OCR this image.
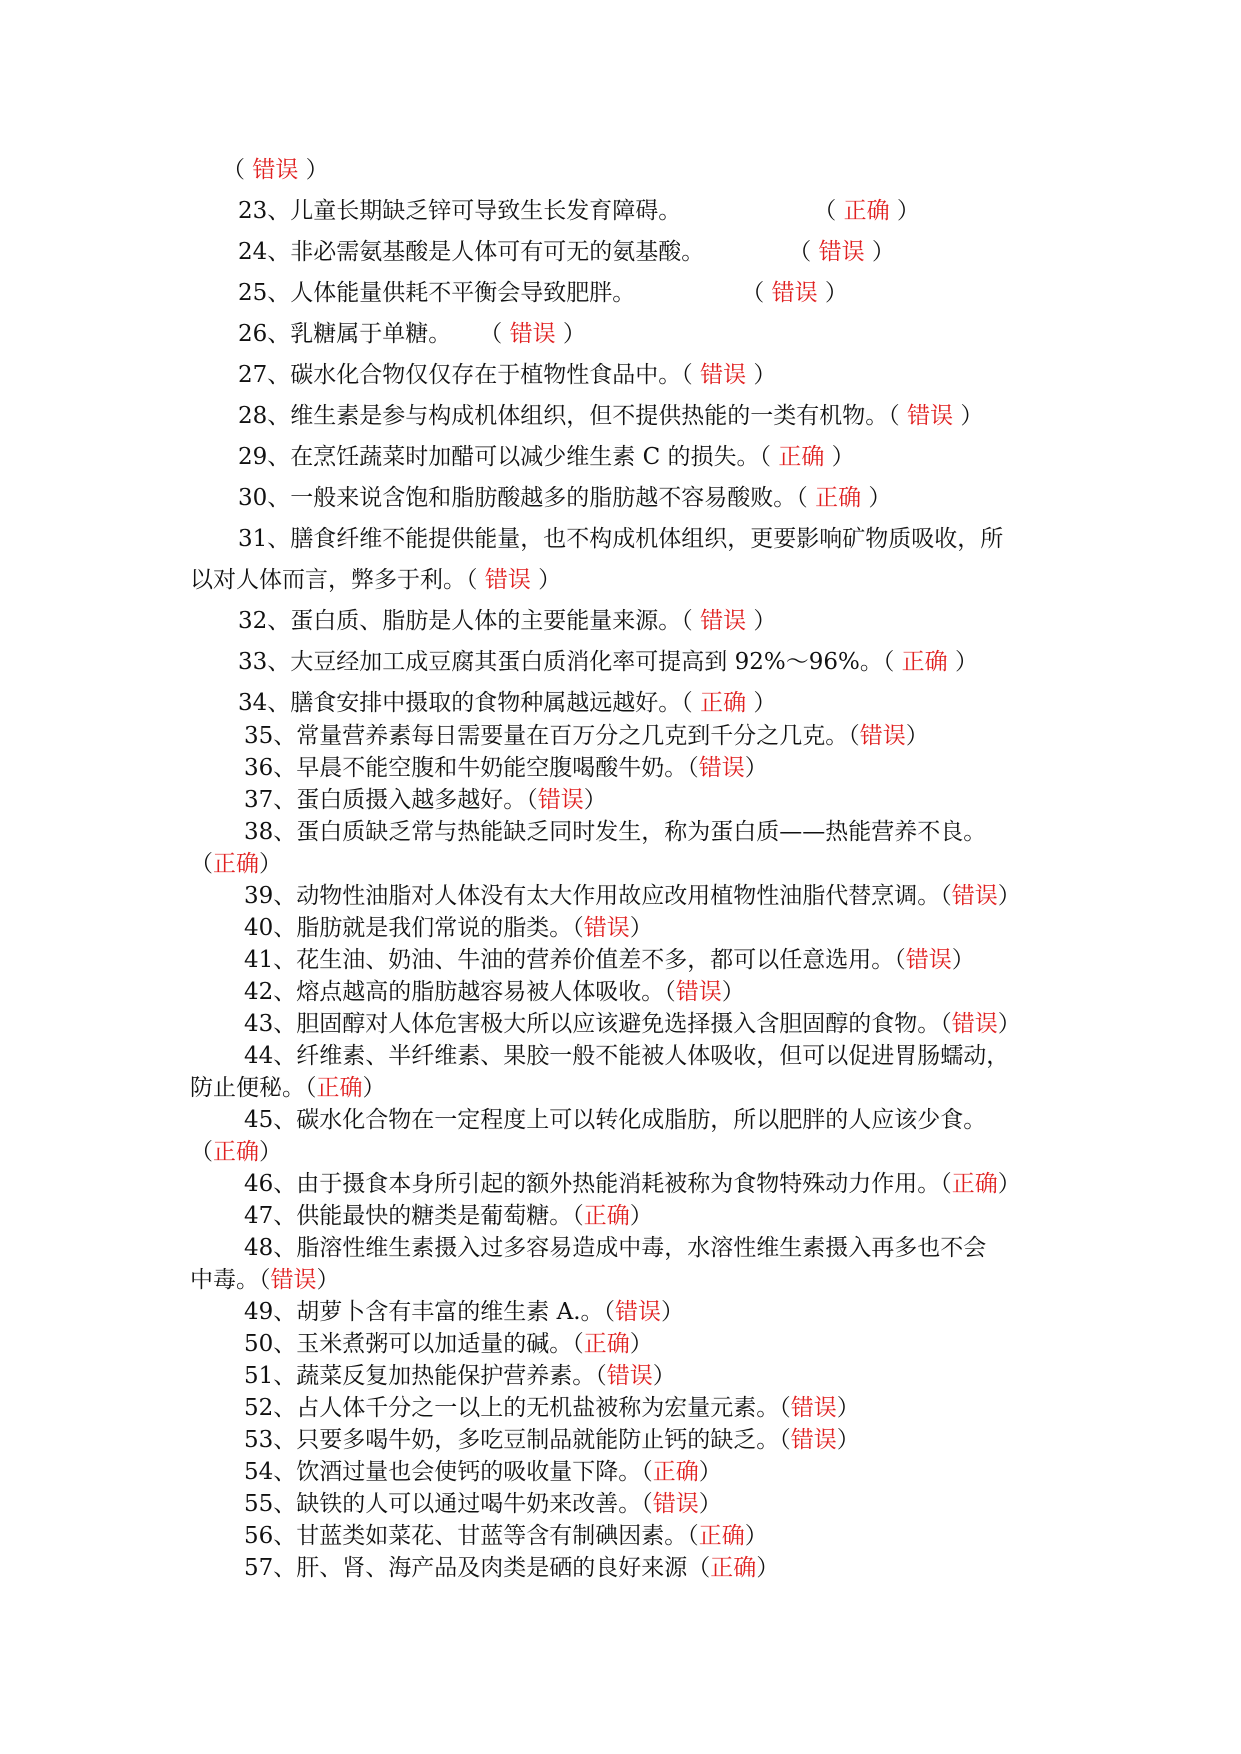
（ 错误 ）
23、儿童长期缺乏锌可导致生长发育障碍。	（ 正确 ）
24、非必需氨基酸是人体可有可无的氨基酸。	（ 错误 ）
25、人体能量供耗不平衡会导致肥胖。	（ 错误 ）
26、乳糖属于单糖。 （ 错误 ）
27、碳水化合物仅仅存在于植物性食品中。（ 错误 ）
28、维生素是参与构成机体组织，但不提供热能的一类有机物。（ 错误 ）
29、在烹饪蔬菜时加醋可以减少维生素 C 的损失。（ 正确 ）
30、一般来说含饱和脂肪酸越多的脂肪越不容易酸败。（ 正确 ）
31、膳食纤维不能提供能量，也不构成机体组织，更要影响矿物质吸收，所
以对人体而言，弊多于利。（ 错误 ）
32、蛋白质、脂肪是人体的主要能量来源。（ 错误 ）
33、大豆经加工成豆腐其蛋白质消化率可提高到 92%～96%。（ 正确 ）
34、膳食安排中摄取的食物种属越远越好。（ 正确 ）
35、常量营养素每日需要量在百万分之几克到千分之几克。（错误）
36、早晨不能空腹和牛奶能空腹喝酸牛奶。（错误）
37、蛋白质摄入越多越好。（错误）
38、蛋白质缺乏常与热能缺乏同时发生，称为蛋白质——热能营养不良。
（正确）
39、动物性油脂对人体没有太大作用故应改用植物性油脂代替烹调。（错误）
40、脂肪就是我们常说的脂类。（错误）
41、花生油、奶油、牛油的营养价值差不多，都可以任意选用。（错误）
42、熔点越高的脂肪越容易被人体吸收。（错误）
43、胆固醇对人体危害极大所以应该避免选择摄入含胆固醇的食物。（错误）
44、纤维素、半纤维素、果胶一般不能被人体吸收，但可以促进胃肠蠕动，
防止便秘。（正确）
45、碳水化合物在一定程度上可以转化成脂肪，所以肥胖的人应该少食。
（正确）
46、由于摄食本身所引起的额外热能消耗被称为食物特殊动力作用。（正确）
47、供能最快的糖类是葡萄糖。（正确）
48、脂溶性维生素摄入过多容易造成中毒，水溶性维生素摄入再多也不会
中毒。（错误）
49、胡萝卜含有丰富的维生素 A.。（错误）
50、玉米煮粥可以加适量的碱。（正确）
51、蔬菜反复加热能保护营养素。（错误）
52、占人体千分之一以上的无机盐被称为宏量元素。（错误）
53、只要多喝牛奶，多吃豆制品就能防止钙的缺乏。（错误）
54、饮酒过量也会使钙的吸收量下降。（正确）
55、缺铁的人可以通过喝牛奶来改善。（错误）
56、甘蓝类如菜花、甘蓝等含有制碘因素。（正确）
57、肝、肾、海产品及肉类是硒的良好来源（正确）
